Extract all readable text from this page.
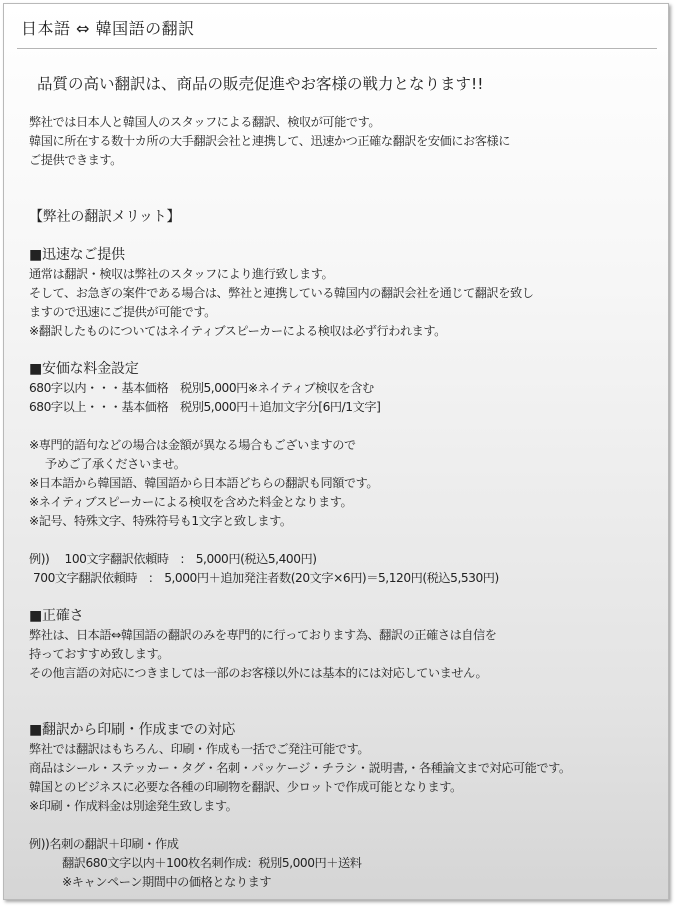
日本語 ⇔ 韓国語の翻訳
品質の高い翻訳は、商品の販売促進やお客様の戦力となります!!
弊社では日本人と韓国人のスタッフによる翻訳、検収が可能です。
韓国に所在する数十カ所の大手翻訳会社と連携して、迅速かつ正確な翻訳を安価にお客様に
ご提供できます。
【弊社の翻訳メリット】
■迅速なご提供
通常は翻訳・検収は弊社のスタッフにより進行致します。
そして、お急ぎの案件である場合は、弊社と連携している韓国内の翻訳会社を通じて翻訳を致し
ますので迅速にご提供が可能です。
※翻訳したものについてはネイティブスピーカーによる検収は必ず行われます。
■安価な料金設定
680字以内・・・基本価格　税別5,000円※ネイティブ検収を含む
680字以上・・・基本価格　税別5,000円＋追加文字分[6円/1文字]
※専門的語句などの場合は金額が異なる場合もございますので
予めご了承くださいませ。
※日本語から韓国語、韓国語から日本語どちらの翻訳も同額です。
※ネイティブスピーカーによる検収を含めた料金となります。
※記号、特殊文字、特殊符号も1文字と致します。
例))　 100文字翻訳依頼時　:　5,000円(税込5,400円)
700文字翻訳依頼時　:　5,000円＋追加発注者数(20文字×6円)＝5,120円(税込5,530円)
■正確さ
弊社は、日本語⇔韓国語の翻訳のみを専門的に行っております為、翻訳の正確さは自信を
持っておすすめ致します。
その他言語の対応につきましては一部のお客様以外には基本的には対応していません。
■翻訳から印刷・作成までの対応
弊社では翻訳はもちろん、印刷・作成も一括でご発注可能です。
商品はシール・ステッカー・タグ・名刺・パッケージ・チラシ・説明書,・各種論文まで対応可能です。
韓国とのビジネスに必要な各種の印刷物を翻訳、少ロットで作成可能となります。
※印刷・作成料金は別途発生致します。
例))名刺の翻訳＋印刷・作成
翻訳680文字以内＋100枚名刺作成：税別5,000円＋送料
※キャンペーン期間中の価格となります
